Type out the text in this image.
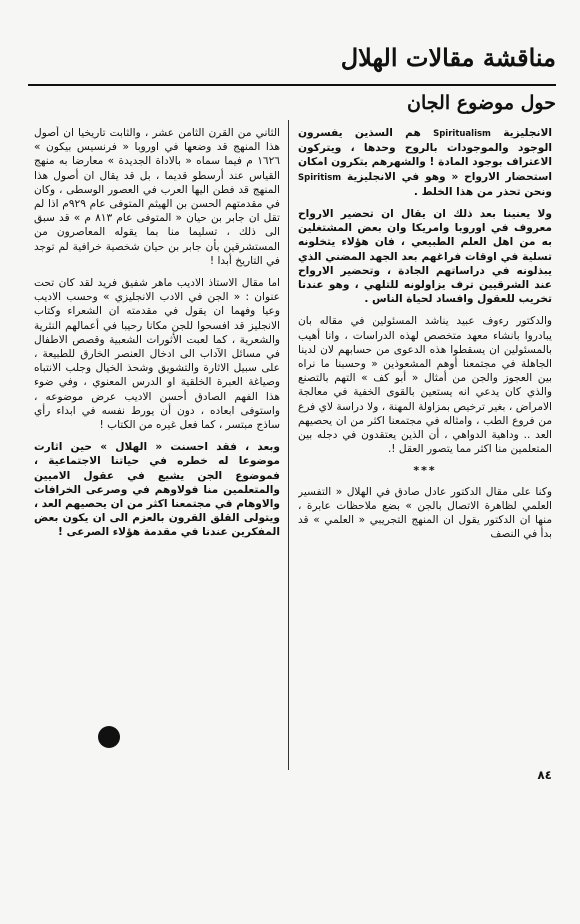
مناقشة مقالات الهلال
حول موضوع الجان

الانجليزية Spiritualism هم السذين يفسرون الوجود والموجودات بالروح وحدها ، ويتركون الاعتراف بوجود المادة ! والشهرهم يتكرون امكان استحضار الارواح « وهو في الانجليزية Spiritism ونحن تحذر من هذا الخلط .

ولا يعنينا بعد ذلك ان يقال ان تحضير الارواح معروف في اوروبا وامريكا وان بعض المشتغلين به من اهل العلم الطبيعي ، فان هؤلاء يتخلونه تسلية في اوقات فراغهم بعد الجهد المضني الذي يبذلونه في دراساتهم الجادة ، وتحضير الارواح عند الشرقيين ترف يزاولونه للتلهي ، وهو عندنا تخريب للعقول وافساد لحياة الناس .

والدكتور رءوف عبيد يناشد المسئولين في مقاله بان يبادروا بانشاء معهد متخصص لهذه الدراسات ، وانا أهيب بالمسئولين ان يسقطوا هذه الدعوى من حسابهم لان لدينا الجاهلة في مجتمعنا أوهم المشعوذين « وحسبنا ما نراه بين العجوز والجن من أمثال « أبو كف » التهم بالتصنع والذي كان يدعي انه يستعين بالقوى الخفية في معالجة الامراض ، بغير ترخيص بمزاولة المهنة ، ولا دراسة لاي فرع من فروع الطب ، وامثاله في مجتمعنا اكثر من ان يحصيهم العد .. وداهية الدواهي ، أن الذين يعتقدون في دجله بين المتعلمين منا اكثر مما يتصور العقل !.

***

وكنا على مقال الدكتور عادل صادق في الهلال « التفسير العلمي لظاهرة الاتصال بالجن » بضع ملاحظات عابرة ، منها ان الدكتور يقول ان المنهج التجريبي « العلمي » قد بدأ في النصف

الثاني من القرن الثامن عشر ، والثابت تاريخيا ان أصول هذا المنهج قد وضعها في اوروبا « فرنسيس بيكون » ١٦٢٦ م فيما سماه « بالاداة الجديدة » معارضا به منهج القياس عند أرسطو قديما ، بل قد يقال ان أصول هذا المنهج قد فطن اليها العرب في العصور الوسطى ، وكان في مقدمتهم الحسن بن الهيثم المتوفى عام ٩٢٩م اذا لم تقل ان جابر بن حيان « المتوفى عام ٨١٣ م » قد سبق الى ذلك ، تسليما منا بما يقوله المعاصرون من المستشرقين بأن جابر بن حيان شخصية خرافية لم توجد في التاريخ أبدا !

اما مقال الاستاذ الاديب ماهر شفيق فريد لقد كان تحت عنوان : « الجن في الادب الانجليزي » وحسب الاديب وعيا وفهما ان يقول في مقدمته ان الشعراء وكتاب الانجليز قد افسحوا للجن مكانا رحيبا في أعمالهم النثرية والشعرية ، كما لعبت الأثورات الشعبية وقصص الاطفال في مسائل الآداب الى ادخال العنصر الخارق للطبيعة ، على سبيل الاثارة والتشويق وشحذ الخيال وجلب الانتباه وصياغة العبرة الخلقية او الدرس المعنوي ، وفي ضوء هذا الفهم الصادق أحسن الاديب عرض موضوعه ، واستوفى ابعاده ، دون أن يورط نفسه في ابداء رأي ساذج مبتسر ، كما فعل غيره من الكتاب !

وبعد ، فقد احسنت « الهلال » حين اثارت موضوعا له خطره في حياتنا الاجتماعية ، فموضوع الجن يشيع في عقول الاميين والمتعلمين منا فولاوهم في وصرعى الخرافات والاوهام في مجتمعنا اكثر من ان يحصيهم العد ، ويتولى القلق القرون بالعزم الى ان يكون بعض المفكرين عندنا في مقدمة هؤلاء الصرعى !

٨٤
